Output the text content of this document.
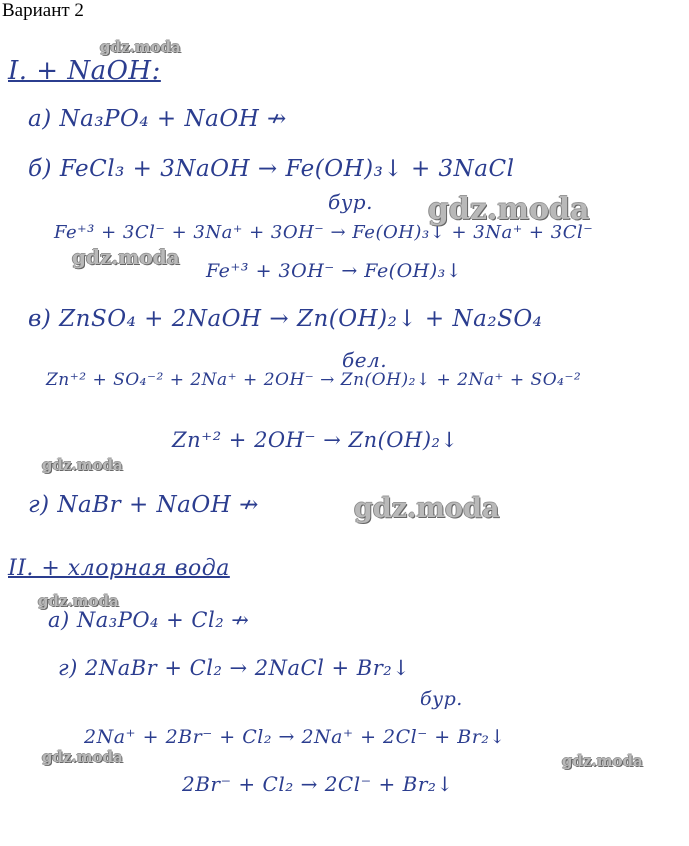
Вариант 2
I. + NaOH:
а) Na₃PO₄ + NaOH ↛
б) FeCl₃ + 3NaOH → Fe(OH)₃↓ + 3NaCl
бур.
Fe⁺³ + 3Cl⁻ + 3Na⁺ + 3OH⁻ → Fe(OH)₃↓ + 3Na⁺ + 3Cl⁻
Fe⁺³ + 3OH⁻ → Fe(OH)₃↓
в) ZnSO₄ + 2NaOH → Zn(OH)₂↓ + Na₂SO₄
бел.
Zn⁺² + SO₄⁻² + 2Na⁺ + 2OH⁻ → Zn(OH)₂↓ + 2Na⁺ + SO₄⁻²
Zn⁺² + 2OH⁻ → Zn(OH)₂↓
г) NaBr + NaOH ↛
II. + хлорная вода
а) Na₃PO₄ + Cl₂ ↛
г) 2NaBr + Cl₂ → 2NaCl + Br₂↓
бур.
2Na⁺ + 2Br⁻ + Cl₂ → 2Na⁺ + 2Cl⁻ + Br₂↓
2Br⁻ + Cl₂ → 2Cl⁻ + Br₂↓
gdz.moda
gdz.moda
gdz.moda
gdz.moda
gdz.moda
gdz.moda
gdz.moda	gdz.moda
